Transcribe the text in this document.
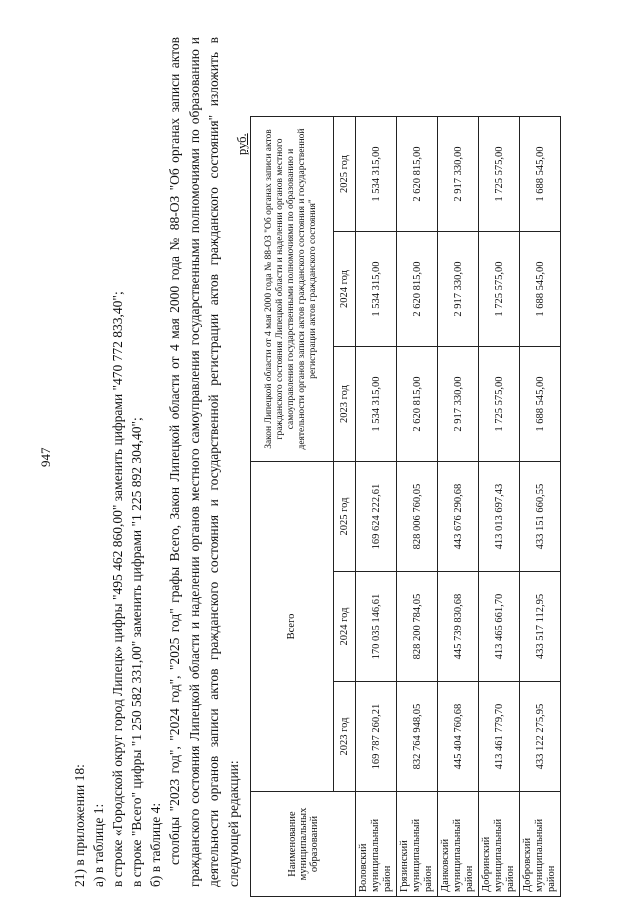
947
21) в приложении 18: а) в таблице 1: в строке «Городской округ город Липецк» цифры "495 462 860,00" заменить цифрами "470 772 833,40"; в строке "Всего" цифры "1 250 582 331,00" заменить цифрами "1 225 892 304,40"; б) в таблице 4: столбцы "2023 год", "2024 год", "2025 год" графы Всего, Закон Липецкой области от 4 мая 2000 года № 88-ОЗ "Об органах записи актов гражданского состояния Липецкой области и наделении органов местного самоуправления государственными полномочиями по образованию и деятельности органов записи актов гражданского состояния и государственной регистрации актов гражданского состояния" изложить в следующей редакции:
руб.
Наименование муниципальных образований	Всего			Закон Липецкой области от 4 мая 2000 года № 88-ОЗ "Об органах записи актов гражданского состояния Липецкой области и наделении органов местного самоуправления государственными полномочиями по образованию и деятельности органов записи актов гражданского состояния и государственной регистрации актов гражданского состояния"		
	2023 год	2024 год	2025 год	2023 год	2024 год	2025 год
Воловский муниципальный район	169 787 260,21	170 035 146,61	169 624 222,61	1 534 315,00	1 534 315,00	1 534 315,00
Грязинский муниципальный район	832 764 948,05	828 200 784,05	828 006 760,05	2 620 815,00	2 620 815,00	2 620 815,00
Данковский муниципальный район	445 404 760,68	445 739 830,68	443 676 290,68	2 917 330,00	2 917 330,00	2 917 330,00
Добринский муниципальный район	413 461 779,70	413 465 661,70	413 013 697,43	1 725 575,00	1 725 575,00	1 725 575,00
Добровский муниципальный район	433 122 275,95	433 517 112,95	433 151 660,55	1 688 545,00	1 688 545,00	1 688 545,00
